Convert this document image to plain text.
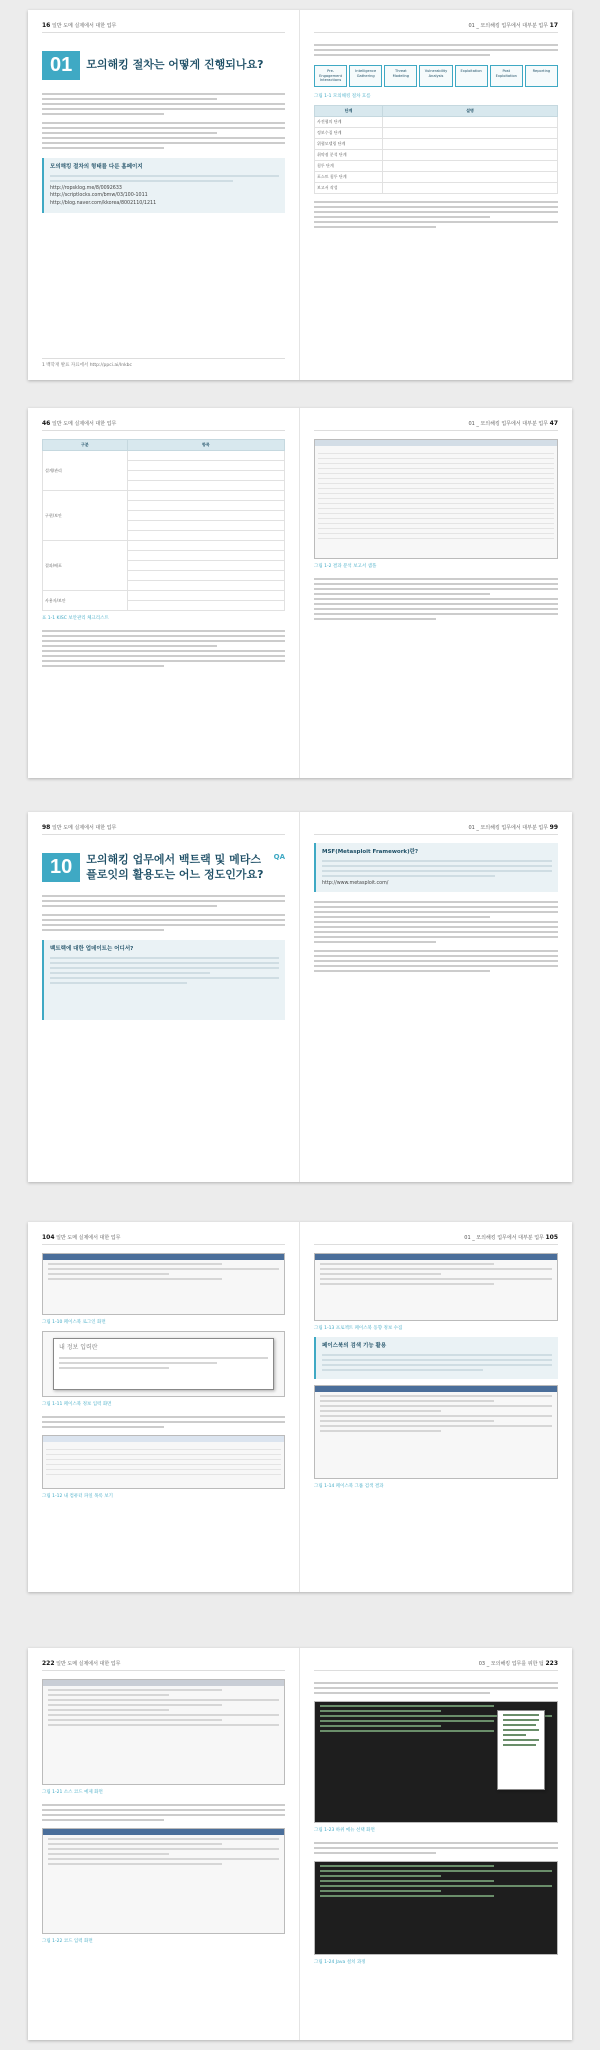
16 일반 도메 실제에서 대한 업무
01	모의해킹 절차는 어떻게 진행되나요?
모의해킹 절차의 형태를 다룬 홈페이지
http://ropsklog.me/8/0092633
http://scriptlocks.com/bmw/03/100-1011
http://blog.naver.com/kkorea/8002110/1211
1 백학재 발표 자료에서 http://ppci.ai/Inkbc
01 _ 모의해킹 업무에서 대부분 업무 17
Pre-Engagement Interactions
Intelligence Gathering
Threat Modeling
Vulnerability Analysis
Exploitation	Post Exploitation
Reporting
그림 1-1 모의해킹 절차 흐름
단계	설명
사전협의 단계	
정보수집 단계	
위협모델링 단계	
취약점 분석 단계	
침투 단계	
포스트 침투 단계	
보고서 작성	
46 일반 도메 실제에서 대한 업무
구분	항목
설계/관리	

구현/보안	

결과/배포	

사용자/보안	

표 1-1 KISC 보안관리 체크리스트
01 _ 모의해킹 업무에서 대부분 업무 47
그림 1-2 결과 분석 보고서 샘플
98 일반 도메 실제에서 대한 업무
10	모의해킹 업무에서 백트랙 및 메타스플로잇의 활용도는 어느 정도인가요?
QA
백트랙에 대한 업데이트는 어디서?
01 _ 모의해킹 업무에서 대부분 업무 99
MSF(Metasploit Framework)란?
http://www.metasploit.com/
104 일반 도메 실제에서 대한 업무
그림 1-10 페이스북 로그인 화면
내 정보 입력란
그림 1-11 페이스북 정보 입력 화면
그림 1-12 내 컴퓨터 파일 목록 보기
01 _ 모의해킹 업무에서 대부분 업무 105
그림 1-13 프로젝트 페이스북 동향 정보 수집
페이스북의 검색 기능 활용
그림 1-14 페이스북 그룹 검색 결과
222 일반 도메 실제에서 대한 업무
그림 1-21 소스 코드 예제 화면
그림 1-22 코드 입력 화면
03 _ 모의해킹 업무를 위한 팁 223
그림 1-23 하위 메뉴 선택 화면
그림 1-24 Java 설치 과정
